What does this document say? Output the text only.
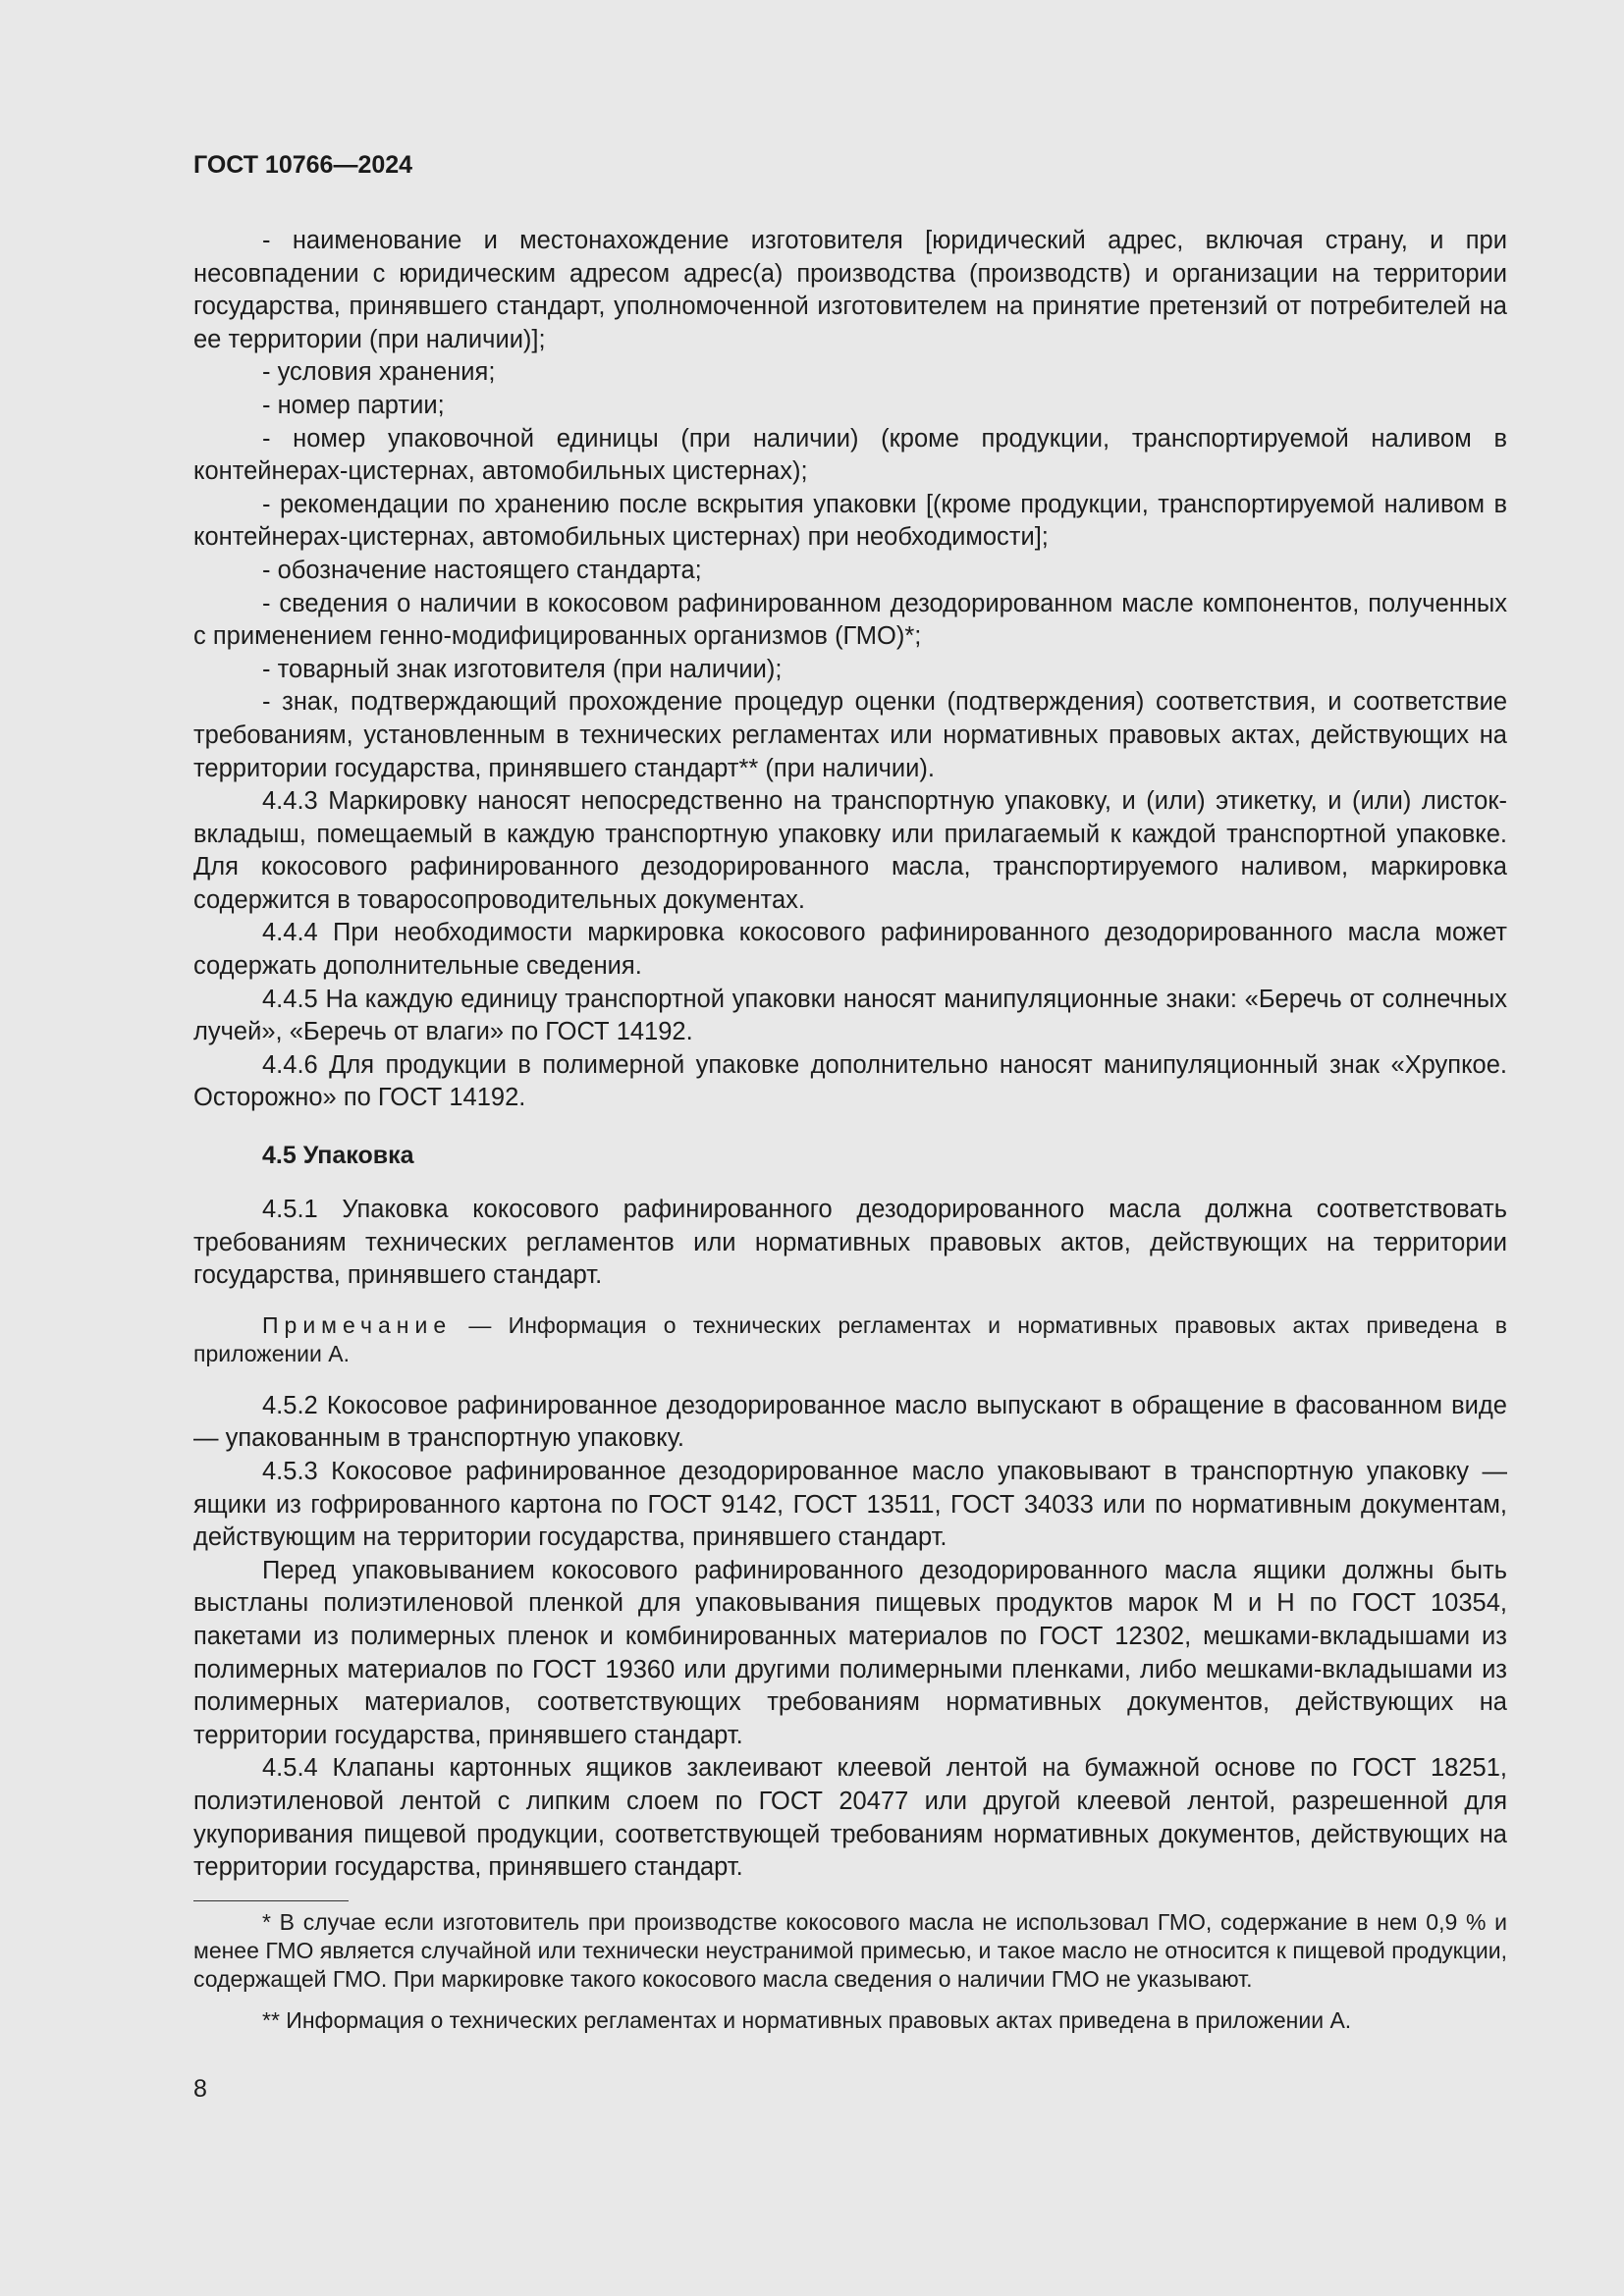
ГОСТ 10766—2024

- наименование и местонахождение изготовителя [юридический адрес, включая страну, и при несовпадении с юридическим адресом адрес(а) производства (производств) и организации на территории государства, принявшего стандарт, уполномоченной изготовителем на принятие претензий от потребителей на ее территории (при наличии)];

- условия хранения;

- номер партии;

- номер упаковочной единицы (при наличии) (кроме продукции, транспортируемой наливом в контейнерах-цистернах, автомобильных цистернах);

- рекомендации по хранению после вскрытия упаковки [(кроме продукции, транспортируемой наливом в контейнерах-цистернах, автомобильных цистернах) при необходимости];

- обозначение настоящего стандарта;

- сведения о наличии в кокосовом рафинированном дезодорированном масле компонентов, полученных с применением генно-модифицированных организмов (ГМО)*;

- товарный знак изготовителя (при наличии);

- знак, подтверждающий прохождение процедур оценки (подтверждения) соответствия, и соответствие требованиям, установленным в технических регламентах или нормативных правовых актах, действующих на территории государства, принявшего стандарт** (при наличии).

4.4.3 Маркировку наносят непосредственно на транспортную упаковку, и (или) этикетку, и (или) листок-вкладыш, помещаемый в каждую транспортную упаковку или прилагаемый к каждой транспортной упаковке. Для кокосового рафинированного дезодорированного масла, транспортируемого наливом, маркировка содержится в товаросопроводительных документах.

4.4.4 При необходимости маркировка кокосового рафинированного дезодорированного масла может содержать дополнительные сведения.

4.4.5 На каждую единицу транспортной упаковки наносят манипуляционные знаки: «Беречь от солнечных лучей», «Беречь от влаги» по ГОСТ 14192.

4.4.6 Для продукции в полимерной упаковке дополнительно наносят манипуляционный знак «Хрупкое. Осторожно» по ГОСТ 14192.

4.5 Упаковка

4.5.1 Упаковка кокосового рафинированного дезодорированного масла должна соответствовать требованиям технических регламентов или нормативных правовых актов, действующих на территории государства, принявшего стандарт.

Примечание — Информация о технических регламентах и нормативных правовых актах приведена в приложении А.

4.5.2 Кокосовое рафинированное дезодорированное масло выпускают в обращение в фасованном виде — упакованным в транспортную упаковку.

4.5.3 Кокосовое рафинированное дезодорированное масло упаковывают в транспортную упаковку — ящики из гофрированного картона по ГОСТ 9142, ГОСТ 13511, ГОСТ 34033 или по нормативным документам, действующим на территории государства, принявшего стандарт.

Перед упаковыванием кокосового рафинированного дезодорированного масла ящики должны быть выстланы полиэтиленовой пленкой для упаковывания пищевых продуктов марок М и Н по ГОСТ 10354, пакетами из полимерных пленок и комбинированных материалов по ГОСТ 12302, мешками-вкладышами из полимерных материалов по ГОСТ 19360 или другими полимерными пленками, либо мешками-вкладышами из полимерных материалов, соответствующих требованиям нормативных документов, действующих на территории государства, принявшего стандарт.

4.5.4 Клапаны картонных ящиков заклеивают клеевой лентой на бумажной основе по ГОСТ 18251, полиэтиленовой лентой с липким слоем по ГОСТ 20477 или другой клеевой лентой, разрешенной для укупоривания пищевой продукции, соответствующей требованиям нормативных документов, действующих на территории государства, принявшего стандарт.

* В случае если изготовитель при производстве кокосового масла не использовал ГМО, содержание в нем 0,9 % и менее ГМО является случайной или технически неустранимой примесью, и такое масло не относится к пищевой продукции, содержащей ГМО. При маркировке такого кокосового масла сведения о наличии ГМО не указывают.

** Информация о технических регламентах и нормативных правовых актах приведена в приложении А.

8
